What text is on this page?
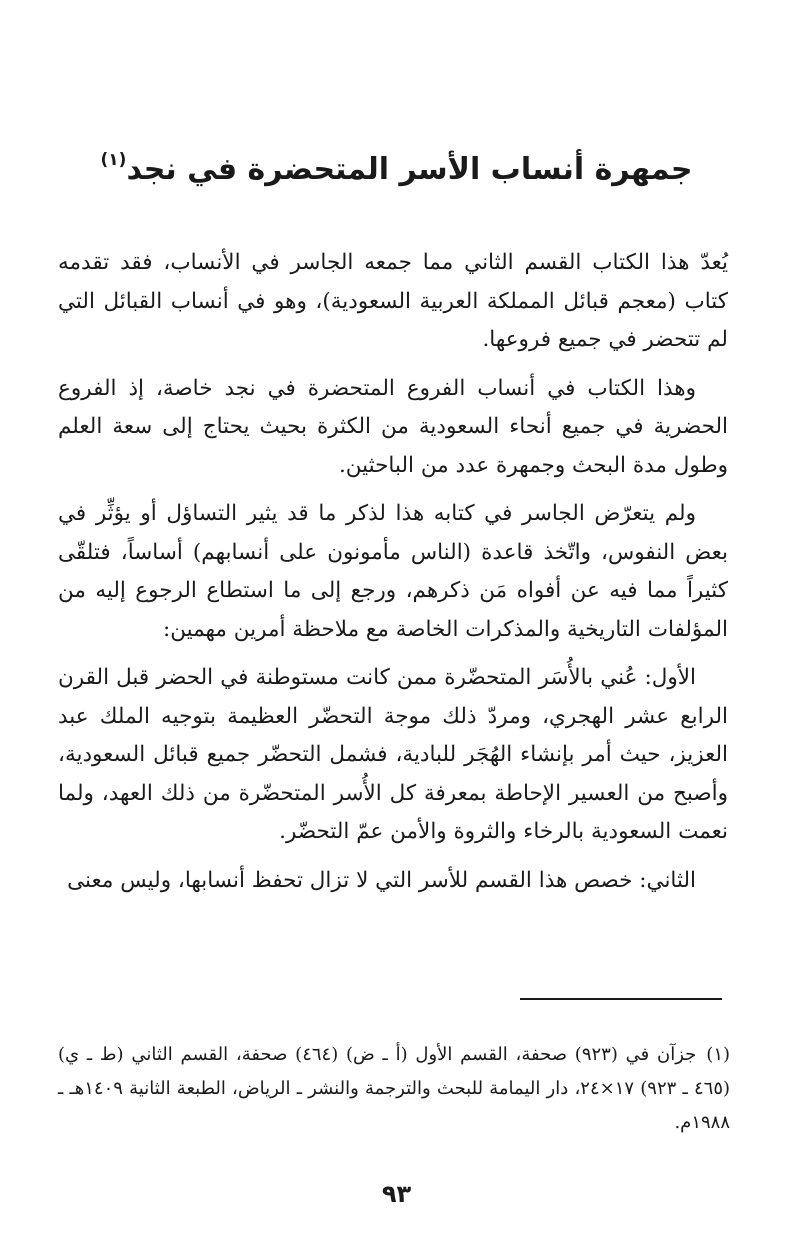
جمهرة أنساب الأسر المتحضرة في نجد$^{(١)}$

يُعدّ هذا الكتاب القسم الثاني مما جمعه الجاسر في الأنساب، فقد تقدمه كتاب (معجم قبائل المملكة العربية السعودية)، وهو في أنساب القبائل التي لم تتحضر في جميع فروعها.

وهذا الكتاب في أنساب الفروع المتحضرة في نجد خاصة، إذ الفروع الحضرية في جميع أنحاء السعودية من الكثرة بحيث يحتاج إلى سعة العلم وطول مدة البحث وجمهرة عدد من الباحثين.

ولم يتعرّض الجاسر في كتابه هذا لذكر ما قد يثير التساؤل أو يؤثِّر في بعض النفوس، واتّخذ قاعدة (الناس مأمونون على أنسابهم) أساساً، فتلقّى كثيراً مما فيه عن أفواه مَن ذكرهم، ورجع إلى ما استطاع الرجوع إليه من المؤلفات التاريخية والمذكرات الخاصة مع ملاحظة أمرين مهمين:

الأول: عُني بالأُسَر المتحضّرة ممن كانت مستوطنة في الحضر قبل القرن الرابع عشر الهجري، ومردّ ذلك موجة التحضّر العظيمة بتوجيه الملك عبد العزيز، حيث أمر بإنشاء الهُجَر للبادية، فشمل التحضّر جميع قبائل السعودية، وأصبح من العسير الإحاطة بمعرفة كل الأُسر المتحضّرة من ذلك العهد، ولما نعمت السعودية بالرخاء والثروة والأمن عمّ التحضّر.

الثاني: خصص هذا القسم للأسر التي لا تزال تحفظ أنسابها، وليس معنى

(١)جزآن في (٩٢٣) صحفة، القسم الأول (أ ـ ض) (٤٦٤) صحفة، القسم الثاني (ط ـ ي) (٤٦٥ ـ ٩٢٣) ١٧×٢٤، دار اليمامة للبحث والترجمة والنشر ـ الرياض، الطبعة الثانية ١٤٠٩هـ ـ ١٩٨٨م.
٩٣
